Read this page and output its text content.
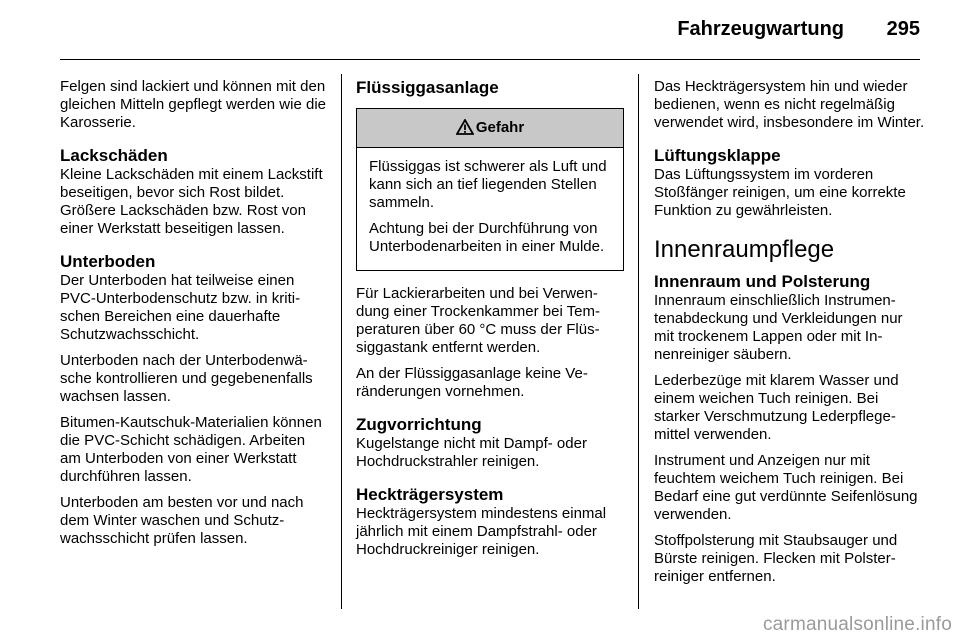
Fahrzeugwartung 295

Felgen sind lackiert und können mit den gleichen Mitteln gepflegt werden wie die Karosserie.

Lackschäden

Kleine Lackschäden mit einem Lackstift beseitigen, bevor sich Rost bildet. Größere Lackschäden bzw. Rost von einer Werkstatt beseitigen lassen.

Unterboden

Der Unterboden hat teilweise einen PVC-Unterbodenschutz bzw. in kritischen Bereichen eine dauerhafte Schutzwachsschicht.

Unterboden nach der Unterbodenwäsche kontrollieren und gegebenenfalls wachsen lassen.

Bitumen-Kautschuk-Materialien können die PVC-Schicht schädigen. Arbeiten am Unterboden von einer Werkstatt durchführen lassen.

Unterboden am besten vor und nach dem Winter waschen und Schutzwachsschicht prüfen lassen.

Flüssiggasanlage
Gefahr

Flüssiggas ist schwerer als Luft und kann sich an tief liegenden Stellen sammeln.

Achtung bei der Durchführung von Unterbodenarbeiten in einer Mulde.

Für Lackierarbeiten und bei Verwendung einer Trockenkammer bei Temperaturen über 60 °C muss der Flüssiggastank entfernt werden.

An der Flüssiggasanlage keine Veränderungen vornehmen.

Zugvorrichtung

Kugelstange nicht mit Dampf- oder Hochdruckstrahler reinigen.

Heckträgersystem

Heckträgersystem mindestens einmal jährlich mit einem Dampfstrahl- oder Hochdruckreiniger reinigen.

Das Heckträgersystem hin und wieder bedienen, wenn es nicht regelmäßig verwendet wird, insbesondere im Winter.

Lüftungsklappe

Das Lüftungssystem im vorderen Stoßfänger reinigen, um eine korrekte Funktion zu gewährleisten.

Innenraumpflege
Innenraum und Polsterung

Innenraum einschließlich Instrumentenabdeckung und Verkleidungen nur mit trockenem Lappen oder mit Innenreiniger säubern.

Lederbezüge mit klarem Wasser und einem weichen Tuch reinigen. Bei starker Verschmutzung Lederpflegemittel verwenden.

Instrument und Anzeigen nur mit feuchtem weichem Tuch reinigen. Bei Bedarf eine gut verdünnte Seifenlösung verwenden.

Stoffpolsterung mit Staubsauger und Bürste reinigen. Flecken mit Polsterreiniger entfernen.

carmanualsonline.info
